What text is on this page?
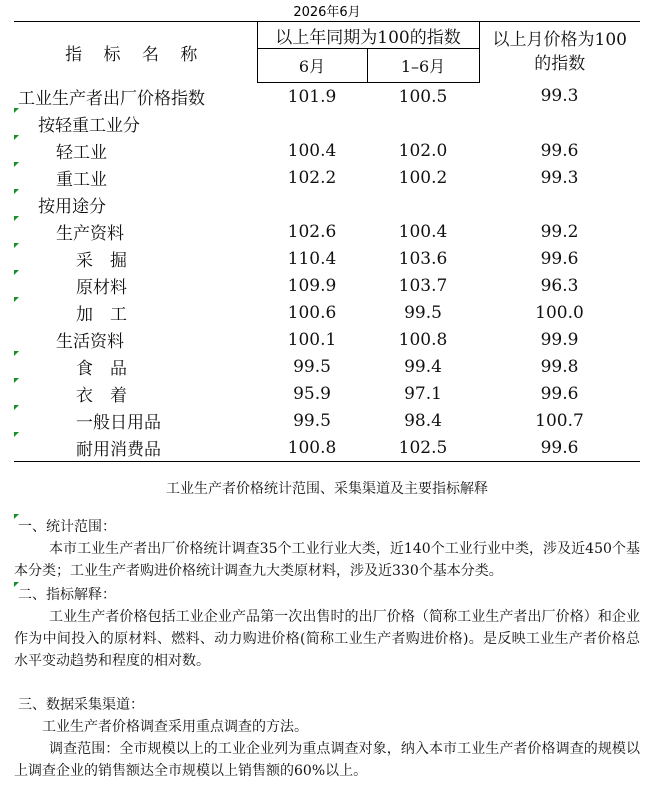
2026年6月
指 标 名 称	以上年同期为100的指数		以上月价格为100
的指数
	6月	1–6月	
工业生产者出厂价格指数	101.9	100.5	99.3

按轻重工业分			

轻工业	100.4	102.0	99.6

重工业	102.2	100.2	99.3

按用途分			

生产资料	102.6	100.4	99.2

采　掘	110.4	103.6	99.6

原材料	109.9	103.7	96.3

加　工	100.6	99.5	100.0
生活资料	100.1	100.8	99.9

食　品	99.5	99.4	99.8

衣　着	95.9	97.1	99.6

一般日用品	99.5	98.4	100.7

耐用消费品	100.8	102.5	99.6
工业生产者价格统计范围、采集渠道及主要指标解释
一、统计范围：
本市工业生产者出厂价格统计调查35个工业行业大类，近140个工业行业中类，涉及近450个基本分类；工业生产者购进价格统计调查九大类原材料，涉及近330个基本分类。
二、指标解释：
工业生产者价格包括工业企业产品第一次出售时的出厂价格（简称工业生产者出厂价格）和企业作为中间投入的原材料、燃料、动力购进价格(简称工业生产者购进价格)。是反映工业生产者价格总水平变动趋势和程度的相对数。
三、数据采集渠道：
工业生产者价格调查采用重点调查的方法。
调查范围：全市规模以上的工业企业列为重点调查对象，纳入本市工业生产者价格调查的规模以上调查企业的销售额达全市规模以上销售额的60%以上。
